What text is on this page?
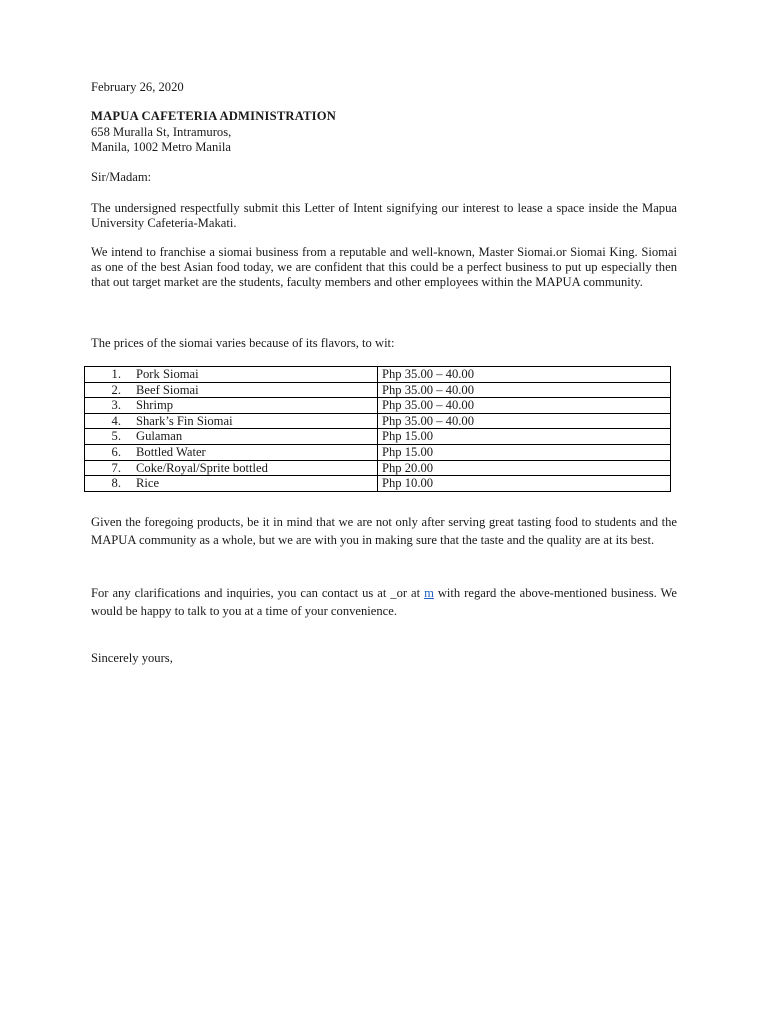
February 26, 2020

MAPUA CAFETERIA ADMINISTRATION

658 Muralla St, Intramuros,

Manila, 1002 Metro Manila

Sir/Madam:

The undersigned respectfully submit this Letter of Intent signifying our interest to lease a space inside the Mapua University Cafeteria-Makati.

We intend to franchise a siomai business from a reputable and well-known, Master Siomai.or Siomai King. Siomai as one of the best Asian food today, we are confident that this could be a perfect business to put up especially then that out target market are the students, faculty members and other employees within the MAPUA community.

The prices of the siomai varies because of its flavors, to wit:

1. Pork Siomai	Php 35.00 – 40.00
2. Beef Siomai	Php 35.00 – 40.00
3. Shrimp	Php 35.00 – 40.00
4. Shark’s Fin Siomai	Php 35.00 – 40.00
5. Gulaman	Php 15.00
6. Bottled Water	Php 15.00
7. Coke/Royal/Sprite bottled	Php 20.00
8. Rice	Php 10.00

Given the foregoing products, be it in mind that we are not only after serving great tasting food to students and the MAPUA community as a whole, but we are with you in making sure that the taste and the quality are at its best.

For any clarifications and inquiries, you can contact us at _or at m with regard the above-mentioned business. We would be happy to talk to you at a time of your convenience.

Sincerely yours,
